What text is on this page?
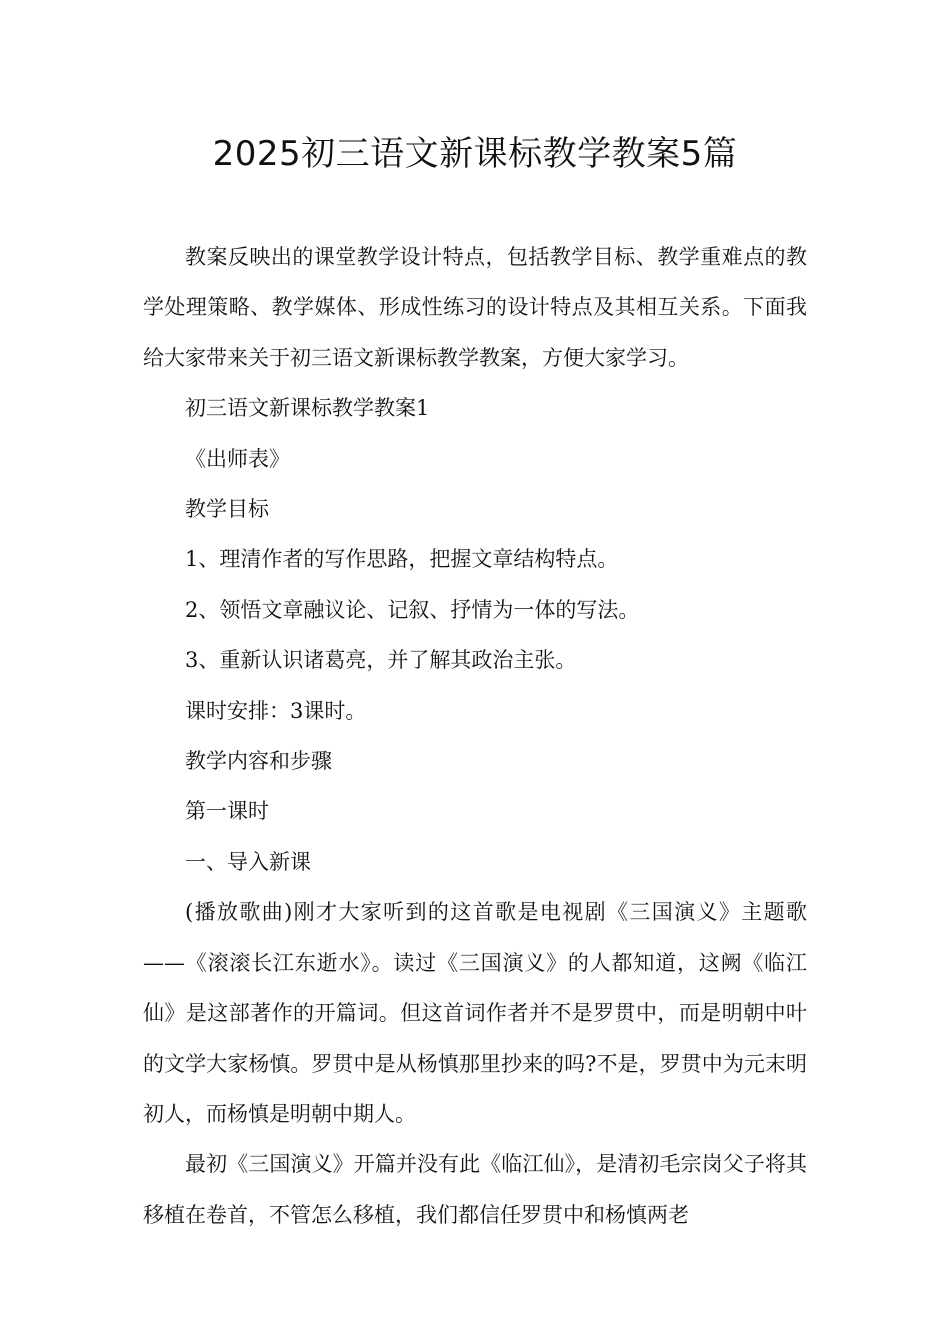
2025初三语文新课标教学教案5篇

教案反映出的课堂教学设计特点，包括教学目标、教学重难点的教学处理策略、教学媒体、形成性练习的设计特点及其相互关系。下面我给大家带来关于初三语文新课标教学教案，方便大家学习。

初三语文新课标教学教案1

《出师表》

教学目标

1、理清作者的写作思路，把握文章结构特点。

2、领悟文章融议论、记叙、抒情为一体的写法。

3、重新认识诸葛亮，并了解其政治主张。

课时安排：3课时。

教学内容和步骤

第一课时

一、导入新课

(播放歌曲)刚才大家听到的这首歌是电视剧《三国演义》主题歌——《滚滚长江东逝水》。读过《三国演义》的人都知道，这阙《临江仙》是这部著作的开篇词。但这首词作者并不是罗贯中，而是明朝中叶的文学大家杨慎。罗贯中是从杨慎那里抄来的吗?不是，罗贯中为元末明初人，而杨慎是明朝中期人。

最初《三国演义》开篇并没有此《临江仙》，是清初毛宗岗父子将其移植在卷首，不管怎么移植，我们都信任罗贯中和杨慎两老
